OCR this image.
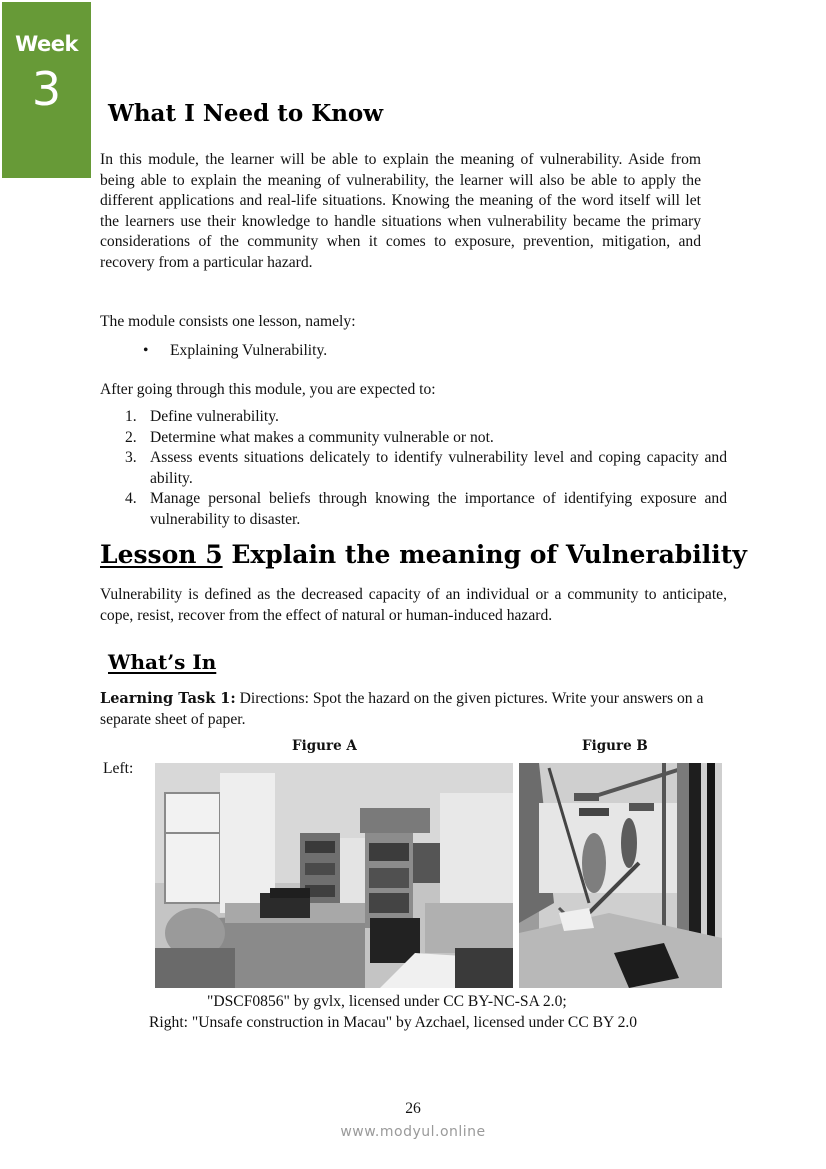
Week
3	What I Need to Know
In this module, the learner will be able to explain the meaning of vulnerability. Aside from being able to explain the meaning of vulnerability, the learner will also be able to apply the different applications and real-life situations. Knowing the meaning of the word itself will let the learners use their knowledge to handle situations when vulnerability became the primary considerations of the community when it comes to exposure, prevention, mitigation, and recovery from a particular hazard.
The module consists one lesson, namely:
• Explaining Vulnerability.
After going through this module, you are expected to:
1. Define vulnerability.
2. Determine what makes a community vulnerable or not.
3. Assess events situations delicately to identify vulnerability level and coping capacity and ability.
4. Manage personal beliefs through knowing the importance of identifying exposure and vulnerability to disaster.
Lesson 5 Explain the meaning of Vulnerability
Vulnerability is defined as the decreased capacity of an individual or a community to anticipate, cope, resist, recover from the effect of natural or human-induced hazard.
What’s In
Learning Task 1: Directions: Spot the hazard on the given pictures. Write your answers on a separate sheet of paper.
Figure A	Figure B
Left:
"DSCF0856" by gvlx, licensed under CC BY-NC-SA 2.0;
Right: "Unsafe construction in Macau" by Azchael, licensed under CC BY 2.0
26
www.modyul.online
